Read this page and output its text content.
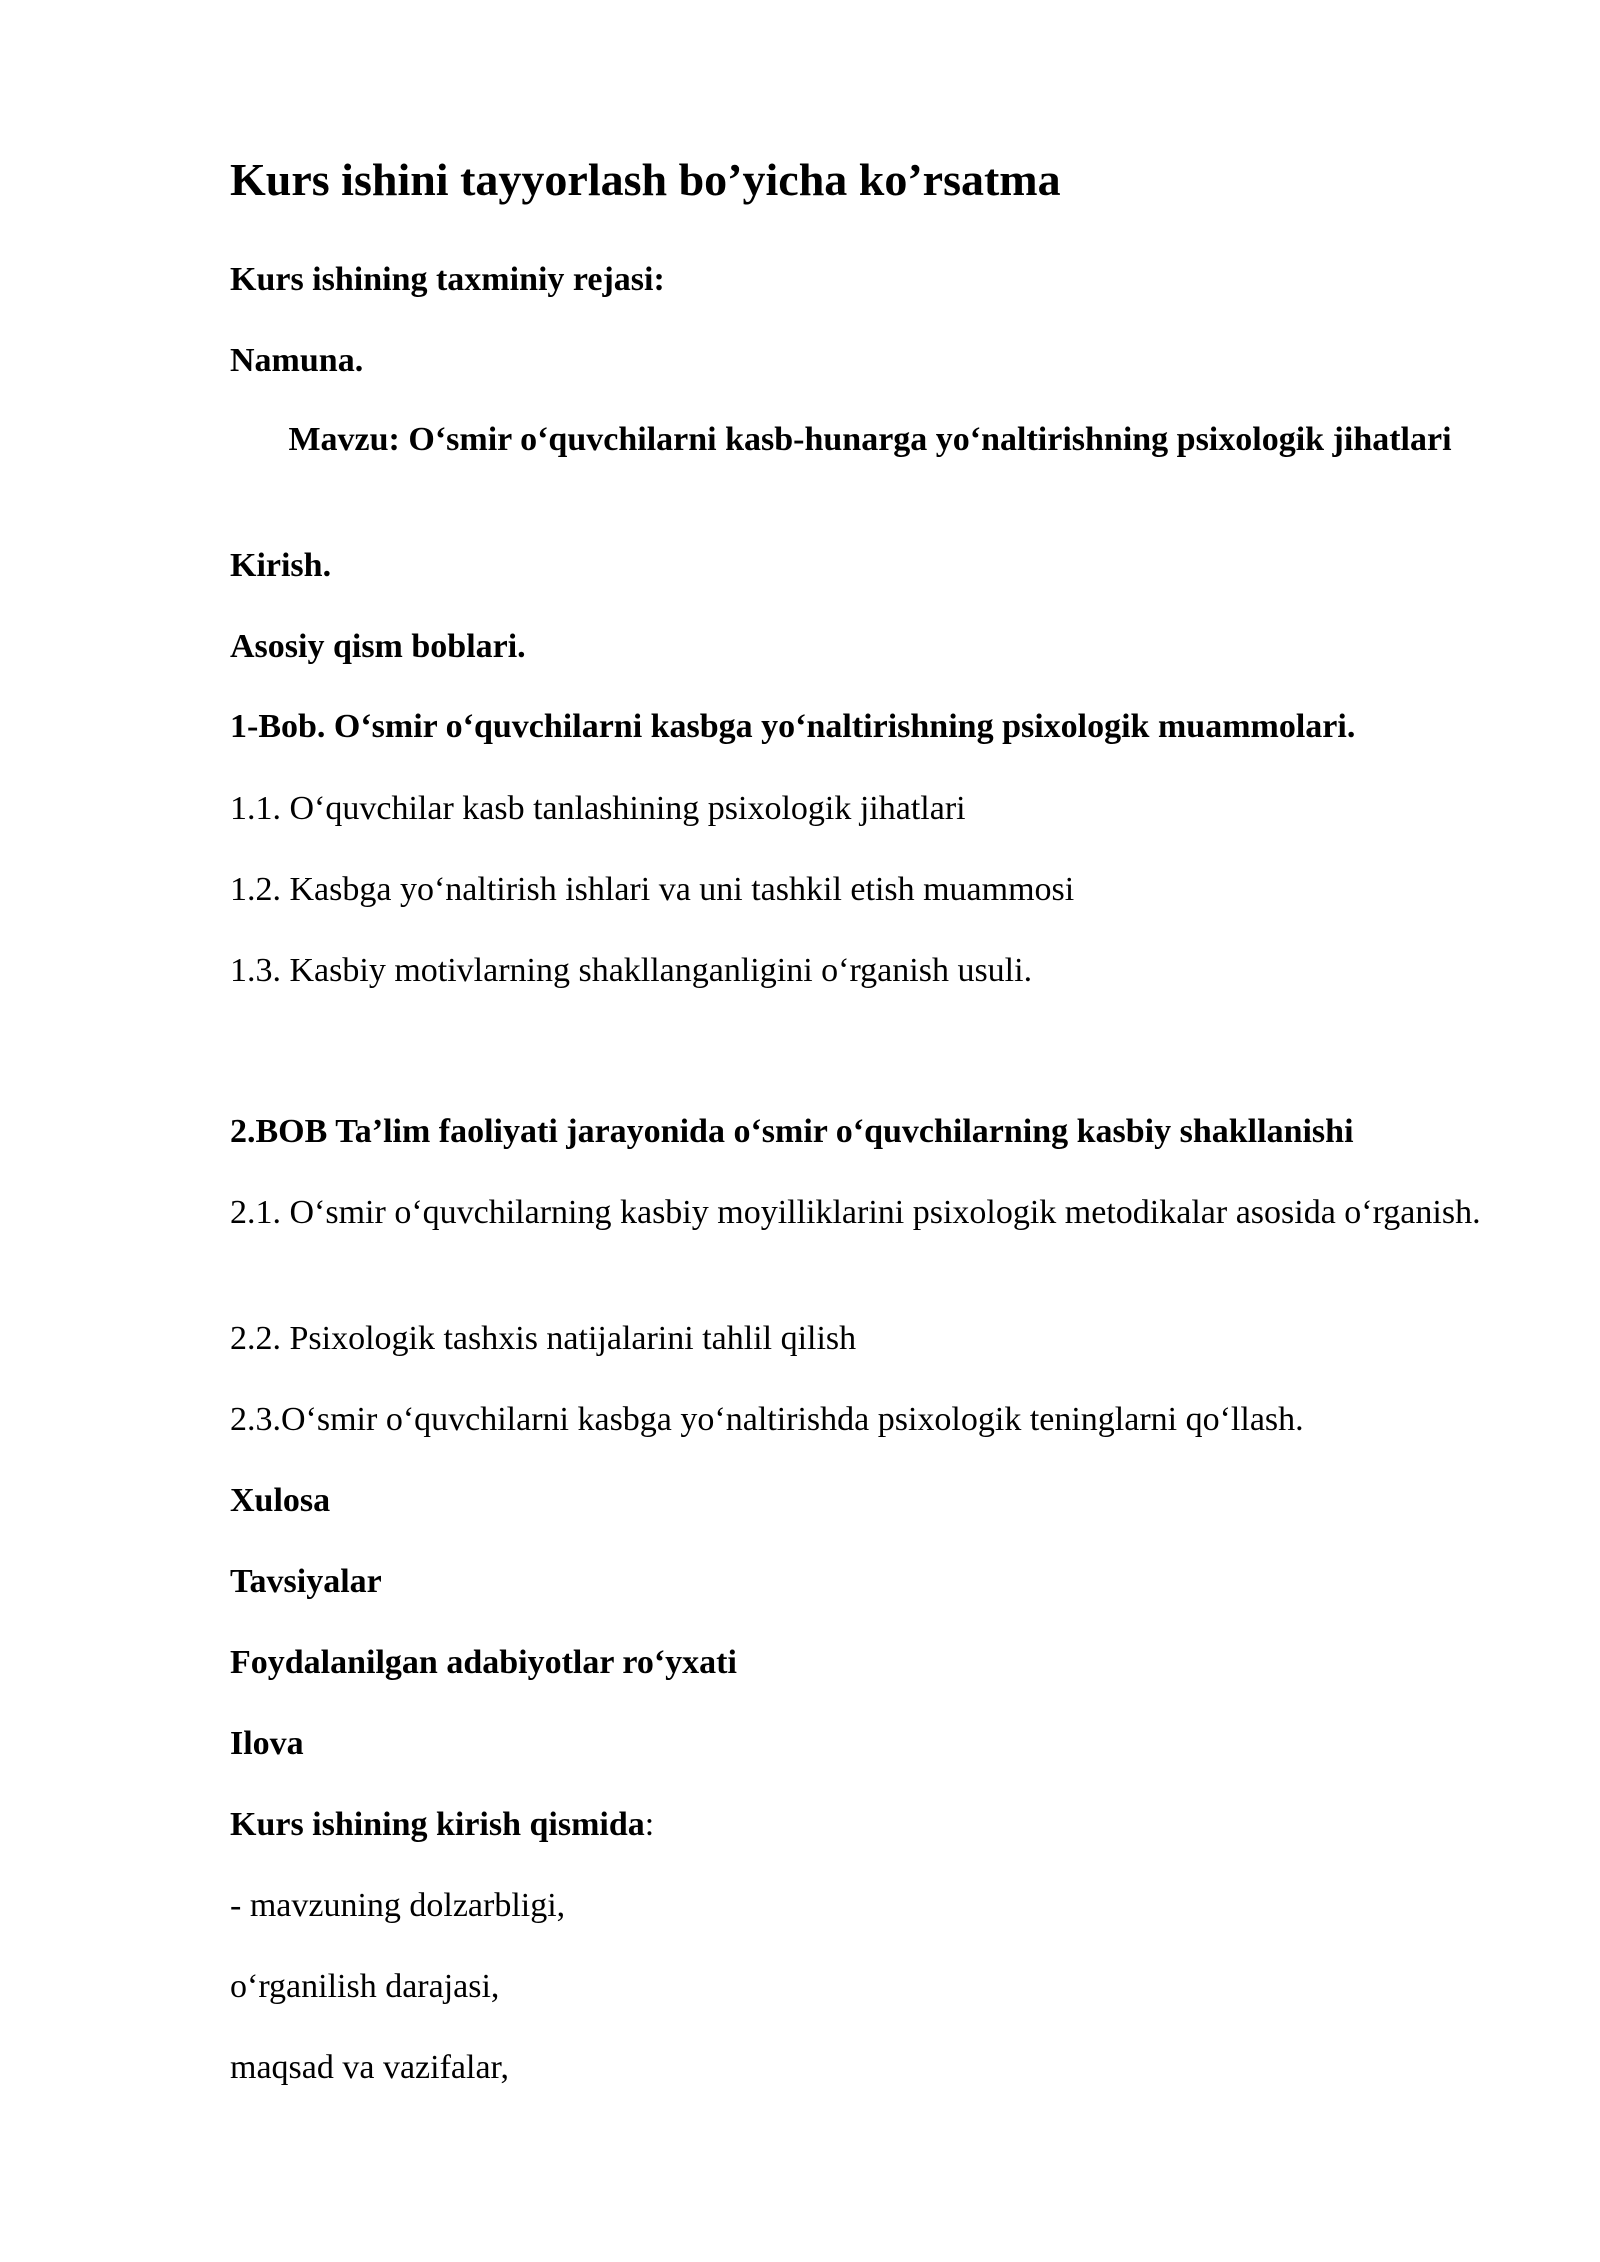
Kurs ishini tayyorlash bo’yicha ko’rsatma

Kurs ishining taxminiy rejasi:

Namuna.

Mavzu: O‘smir o‘quvchilarni kasb-hunarga yo‘naltirishning psixologik jihatlari

Kirish.

Asosiy qism boblari.

1-Bob. O‘smir o‘quvchilarni kasbga yo‘naltirishning psixologik muammolari.

1.1. O‘quvchilar kasb tanlashining psixologik jihatlari

1.2. Kasbga yo‘naltirish ishlari va uni tashkil etish muammosi

1.3. Kasbiy motivlarning shakllanganligini o‘rganish usuli.

2.BOB Ta’lim faoliyati jarayonida o‘smir o‘quvchilarning kasbiy shakllanishi

2.1. O‘smir o‘quvchilarning kasbiy moyilliklarini psixologik metodikalar asosida o‘rganish.

2.2. Psixologik tashxis natijalarini tahlil qilish

2.3.O‘smir o‘quvchilarni kasbga yo‘naltirishda psixologik teninglarni qo‘llash.

Xulosa

Tavsiyalar

Foydalanilgan adabiyotlar ro‘yxati

Ilova

Kurs ishining kirish qismida:

- mavzuning dolzarbligi,

o‘rganilish darajasi,

maqsad va vazifalar,
